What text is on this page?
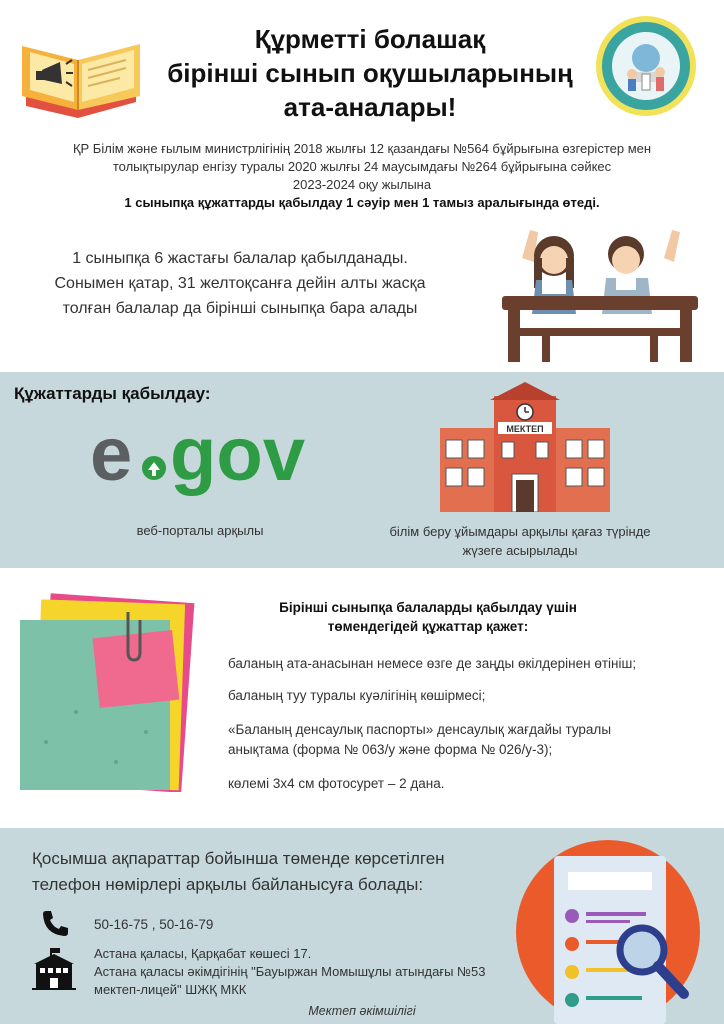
Құрметті болашақ
бірінші сынып оқушыларының
ата-аналары!
ҚР Білім және ғылым министрлігінің 2018 жылғы 12 қазандағы №564 бұйрығына өзгерістер мен
толықтырулар енгізу туралы 2020 жылғы 24 маусымдағы №264 бұйрығына сәйкес
2023-2024 оқу жылына
1 сыныпқа құжаттарды қабылдау 1 сәуір мен 1 тамыз аралығында өтеді.
1 сыныпқа 6 жастағы балалар қабылданады.
Сонымен қатар, 31 желтоқсанға дейін алты жасқа
толған балалар да бірінші сыныпқа бара алады
Құжаттарды қабылдау:
e gov
веб-порталы арқылы
МЕКТЕП
білім беру ұйымдары арқылы қағаз түрінде
жүзеге асырылады
Бірінші сыныпқа балаларды қабылдау үшін
төмендегідей құжаттар қажет:
баланың ата-анасынан немесе өзге де заңды өкілдерінен өтініш;
баланың туу туралы куәлігінің көшірмесі;
«Баланың денсаулық паспорты» денсаулық жағдайы туралы
анықтама (форма № 063/у және форма № 026/у-3);
көлемі 3х4 см фотосурет – 2 дана.
Қосымша ақпараттар бойынша төменде көрсетілген
телефон нөмірлері арқылы байланысуға болады:
50-16-75 , 50-16-79
Астана қаласы, Қарқабат көшесі 17.
Астана қаласы әкімдігінің "Бауыржан Момышұлы атындағы №53
мектеп-лицей" ШЖҚ МКК
Мектеп әкімшілігі
